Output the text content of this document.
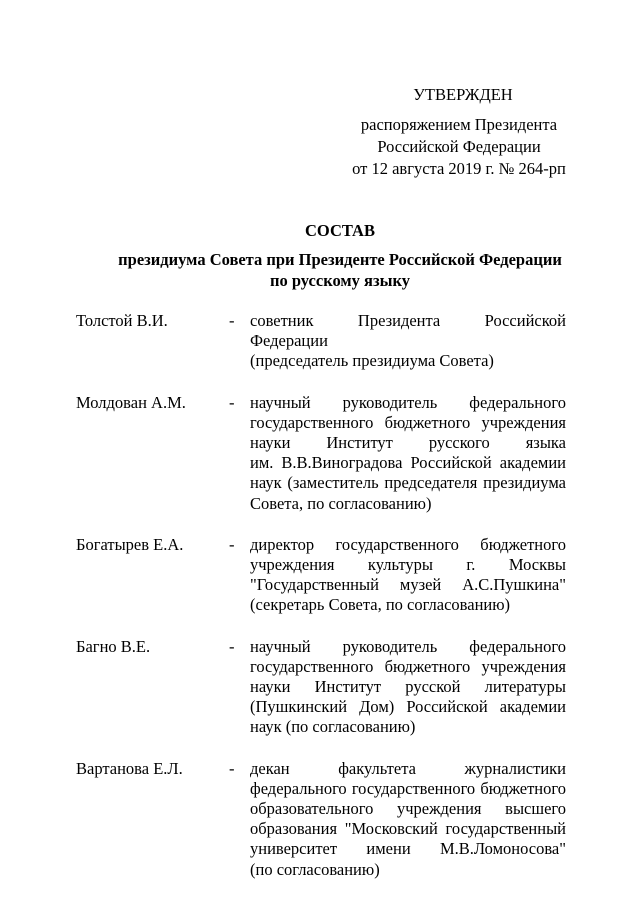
УТВЕРЖДЕН
распоряжением Президента
Российской Федерации
от 12 августа 2019 г. № 264-рп
СОСТАВ
президиума Совета при Президенте Российской Федерации
по русскому языку
Толстой В.И.	- советник Президента Российской Федерации
(председатель президиума Совета)
Молдован А.М.	- научный руководитель федерального
государственного бюджетного учреждения
науки Институт русского языка
им. В.В.Виноградова Российской академии
наук (заместитель председателя президиума
Совета, по согласованию)
Богатырев Е.А.	- директор государственного бюджетного
учреждения культуры г. Москвы
"Государственный музей А.С.Пушкина"
(секретарь Совета, по согласованию)
Багно В.Е.	- научный руководитель федерального
государственного бюджетного учреждения
науки Институт русской литературы
(Пушкинский Дом) Российской академии
наук (по согласованию)
Вартанова Е.Л.	- декан факультета журналистики
федерального государственного бюджетного
образовательного учреждения высшего
образования "Московский государственный
университет имени М.В.Ломоносова"
(по согласованию)
